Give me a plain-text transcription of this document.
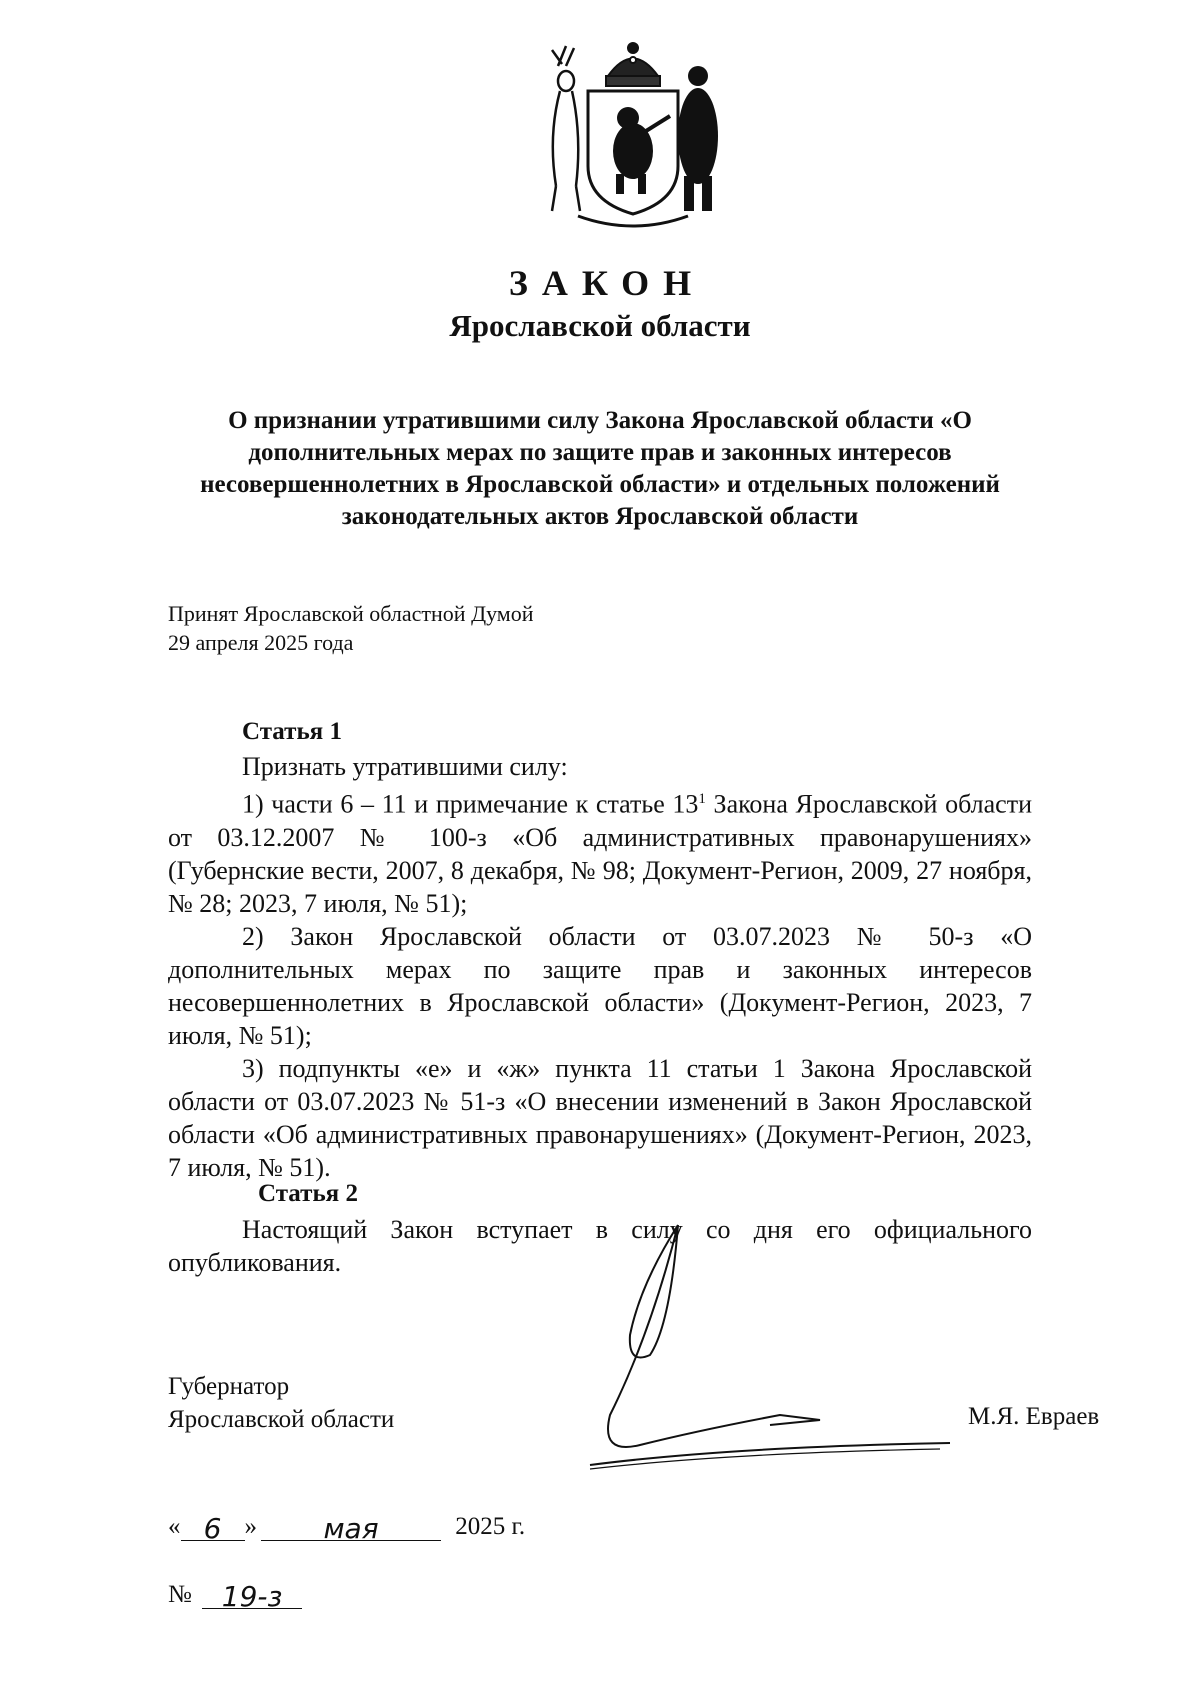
ЗАКОН
Ярославской области
О признании утратившими силу Закона Ярославской области «О дополнительных мерах по защите прав и законных интересов несовершеннолетних в Ярославской области» и отдельных положений законодательных актов Ярославской области
Принят Ярославской областной Думой
29 апреля 2025 года
Статья 1

Признать утратившими силу:

1) части 6 – 11 и примечание к статье $13^1$ Закона Ярославской области от 03.12.2007 № 100-з «Об административных правонарушениях» (Губернские вести, 2007, 8 декабря, № 98; Документ-Регион, 2009, 27 ноября, № 28; 2023, 7 июля, № 51);

2) Закон Ярославской области от 03.07.2023 № 50-з «О дополнительных мерах по защите прав и законных интересов несовершеннолетних в Ярославской области» (Документ-Регион, 2023, 7 июля, № 51);

3) подпункты «е» и «ж» пункта 11 статьи 1 Закона Ярославской области от 03.07.2023 № 51-з «О внесении изменений в Закон Ярославской области «Об административных правонарушениях» (Документ-Регион, 2023, 7 июля, № 51).

Статья 2

Настоящий Закон вступает в силу со дня его официального опубликования.

Губернатор
Ярославской области	М.Я. Евраев
« 6 » мая	2025 г.
№ 19-з
